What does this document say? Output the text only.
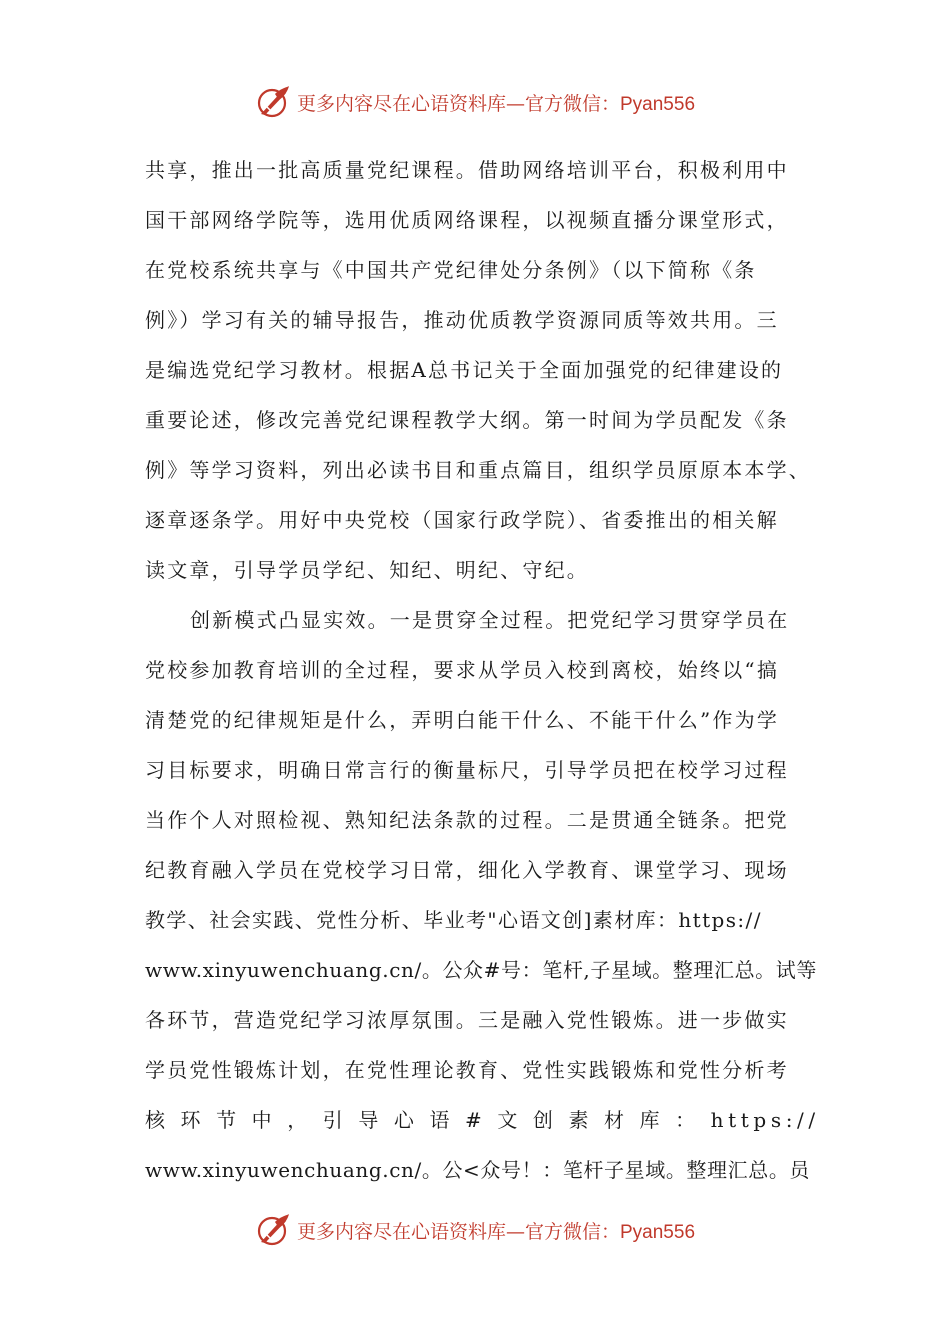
更多内容尽在心语资料库—官方微信：Pyan556
共享，推出一批高质量党纪课程。借助网络培训平台，积极利用中
国干部网络学院等，选用优质网络课程，以视频直播分课堂形式，
在党校系统共享与《中国共产党纪律处分条例》（以下简称《条
例》）学习有关的辅导报告，推动优质教学资源同质等效共用。三
是编选党纪学习教材。根据A总书记关于全面加强党的纪律建设的
重要论述，修改完善党纪课程教学大纲。第一时间为学员配发《条
例》等学习资料，列出必读书目和重点篇目，组织学员原原本本学、
逐章逐条学。用好中央党校（国家行政学院）、省委推出的相关解
读文章，引导学员学纪、知纪、明纪、守纪。
创新模式凸显实效。一是贯穿全过程。把党纪学习贯穿学员在
党校参加教育培训的全过程，要求从学员入校到离校，始终以“搞
清楚党的纪律规矩是什么，弄明白能干什么、不能干什么”作为学
习目标要求，明确日常言行的衡量标尺，引导学员把在校学习过程
当作个人对照检视、熟知纪法条款的过程。二是贯通全链条。把党
纪教育融入学员在党校学习日常，细化入学教育、课堂学习、现场
教学、社会实践、党性分析、毕业考"心语文创]素材库：https://
www.xinyuwenchuang.cn/。公众#号：笔杆,子星域。整理汇总。试等
各环节，营造党纪学习浓厚氛围。三是融入党性锻炼。进一步做实
学员党性锻炼计划，在党性理论教育、党性实践锻炼和党性分析考
核 环 节 中 ， 引 导 心 语 # 文 创 素 材 库 ： https://
www.xinyuwenchuang.cn/。公<众号！：笔杆子星域。整理汇总。员
更多内容尽在心语资料库—官方微信：Pyan556
